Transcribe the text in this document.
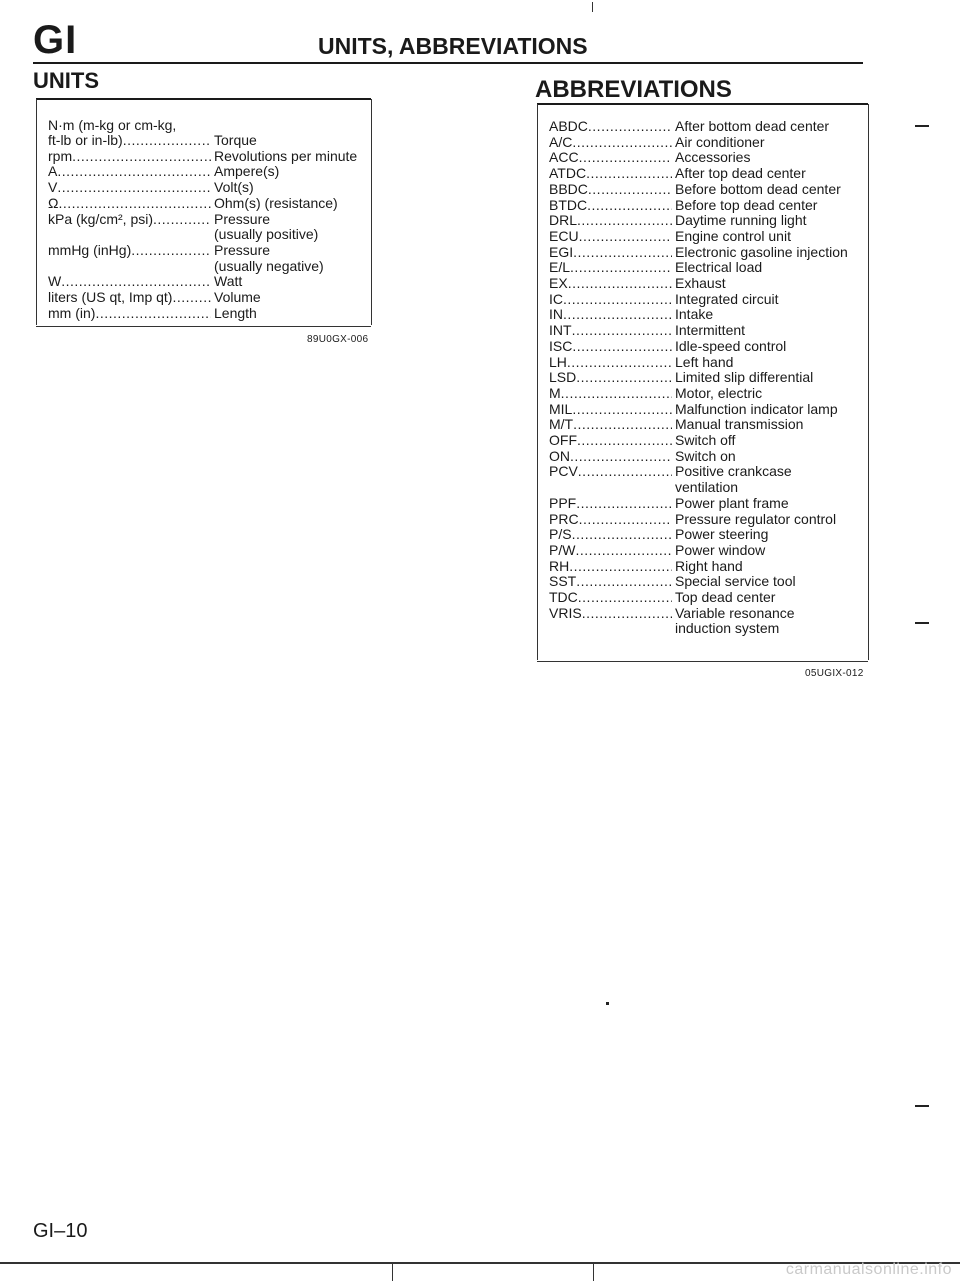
GI	UNITS, ABBREVIATIONS
UNITS	ABBREVIATIONS
N·m (m-kg or cm-kg,
ft-lb or in-lb) .....	Torque
rpm .....	Revolutions per minute
A .....	Ampere(s)
V .....	Volt(s)
Ω .....	Ohm(s) (resistance)
kPa (kg/cm², psi) .....	Pressure
(usually positive)
mmHg (inHg) .....	Pressure
(usually negative)
W .....	Watt
liters (US qt, Imp qt) .....	Volume
mm (in) .....	Length
89U0GX-006
ABDC .....	After bottom dead center
A/C .....	Air conditioner
ACC .....	Accessories
ATDC .....	After top dead center
BBDC .....	Before bottom dead center
BTDC .....	Before top dead center
DRL .....	Daytime running light
ECU .....	Engine control unit
EGI .....	Electronic gasoline injection
E/L .....	Electrical load
EX .....	Exhaust
IC .....	Integrated circuit
IN .....	Intake
INT .....	Intermittent
ISC .....	Idle-speed control
LH .....	Left hand
LSD .....	Limited slip differential
M .....	Motor, electric
MIL .....	Malfunction indicator lamp
M/T .....	Manual transmission
OFF .....	Switch off
ON .....	Switch on
PCV .....	Positive crankcase
ventilation
PPF .....	Power plant frame
PRC .....	Pressure regulator control
P/S .....	Power steering
P/W .....	Power window
RH .....	Right hand
SST .....	Special service tool
TDC .....	Top dead center
VRIS .....	Variable resonance
induction system
05UGIX-012
GI–10
carmanualsonline.info
